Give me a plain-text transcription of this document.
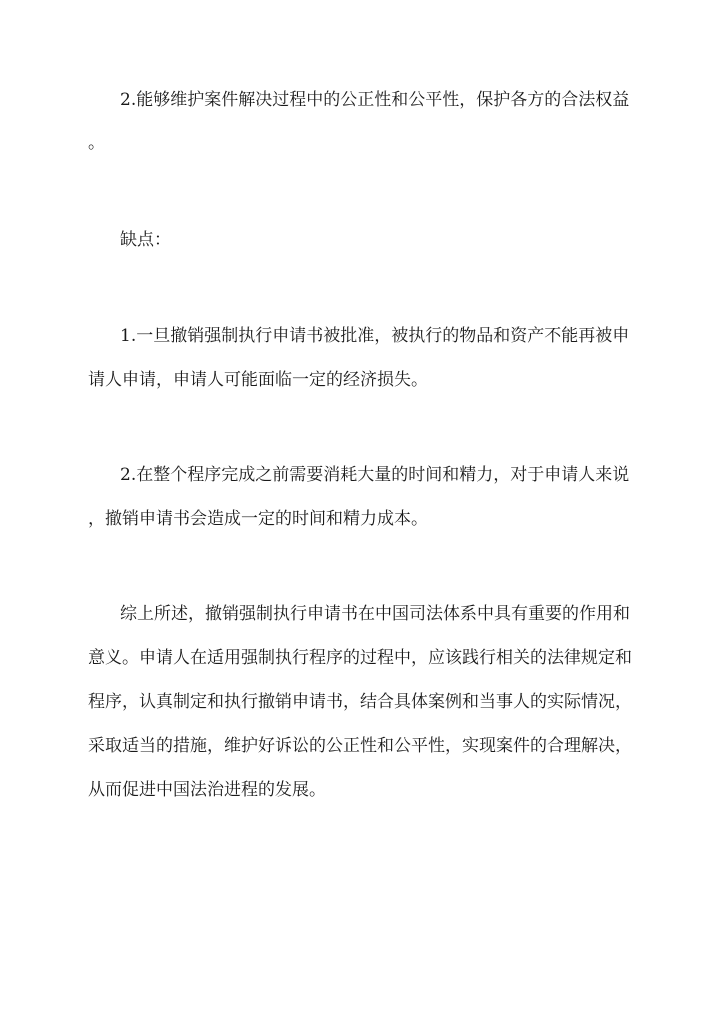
2.能够维护案件解决过程中的公正性和公平性，保护各方的合法权益
。
缺点：
1.一旦撤销强制执行申请书被批准，被执行的物品和资产不能再被申
请人申请，申请人可能面临一定的经济损失。
2.在整个程序完成之前需要消耗大量的时间和精力，对于申请人来说
，撤销申请书会造成一定的时间和精力成本。
综上所述，撤销强制执行申请书在中国司法体系中具有重要的作用和
意义。申请人在适用强制执行程序的过程中，应该践行相关的法律规定和
程序，认真制定和执行撤销申请书，结合具体案例和当事人的实际情况，
采取适当的措施，维护好诉讼的公正性和公平性，实现案件的合理解决，
从而促进中国法治进程的发展。
